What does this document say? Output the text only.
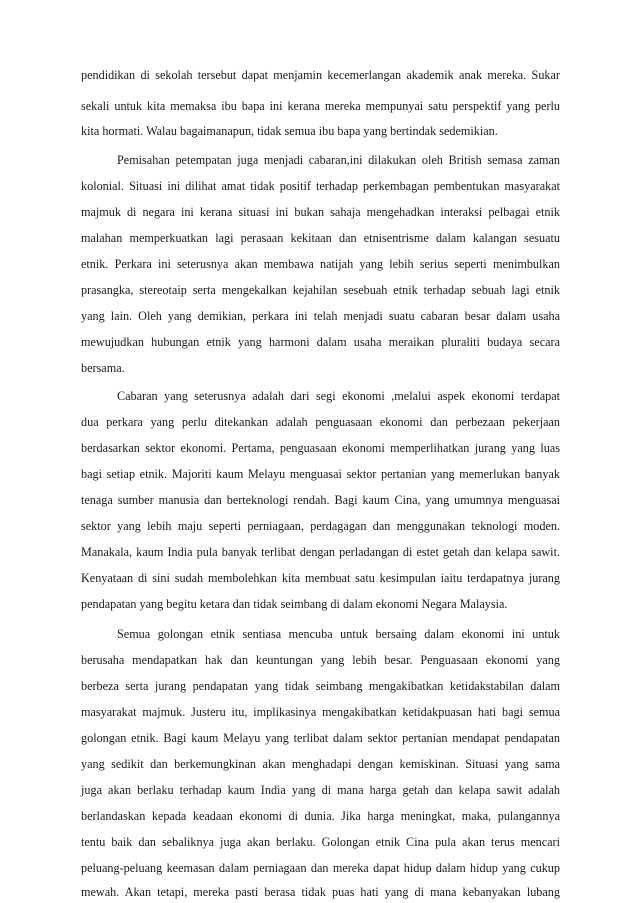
pendidikan di sekolah tersebut dapat menjamin kecemerlangan akademik anak mereka. Sukar
sekali untuk kita memaksa ibu bapa ini kerana mereka mempunyai satu perspektif yang perlu
kita hormati. Walau bagaimanapun, tidak semua ibu bapa yang bertindak sedemikian.
Pemisahan petempatan juga menjadi cabaran,ini dilakukan oleh British semasa zaman
kolonial. Situasi ini dilihat amat tidak positif terhadap perkembagan pembentukan masyarakat
majmuk di negara ini kerana situasi ini bukan sahaja mengehadkan interaksi pelbagai etnik
malahan memperkuatkan lagi perasaan kekitaan dan etnisentrisme dalam kalangan sesuatu
etnik. Perkara ini seterusnya akan membawa natijah yang lebih serius seperti menimbulkan
prasangka, stereotaip serta mengekalkan kejahilan sesebuah etnik terhadap sebuah lagi etnik
yang lain. Oleh yang demikian, perkara ini telah menjadi suatu cabaran besar dalam usaha
mewujudkan hubungan etnik yang harmoni dalam usaha meraikan pluraliti budaya secara
bersama.
Cabaran yang seterusnya adalah dari segi ekonomi ,melalui aspek ekonomi terdapat
dua perkara yang perlu ditekankan adalah penguasaan ekonomi dan perbezaan pekerjaan
berdasarkan sektor ekonomi. Pertama, penguasaan ekonomi memperlihatkan jurang yang luas
bagi setiap etnik. Majoriti kaum Melayu menguasai sektor pertanian yang memerlukan banyak
tenaga sumber manusia dan berteknologi rendah. Bagi kaum Cina, yang umumnya menguasai
sektor yang lebih maju seperti perniagaan, perdagagan dan menggunakan teknologi moden.
Manakala, kaum India pula banyak terlibat dengan perladangan di estet getah dan kelapa sawit.
Kenyataan di sini sudah membolehkan kita membuat satu kesimpulan iaitu terdapatnya jurang
pendapatan yang begitu ketara dan tidak seimbang di dalam ekonomi Negara Malaysia.
Semua golongan etnik sentiasa mencuba untuk bersaing dalam ekonomi ini untuk
berusaha mendapatkan hak dan keuntungan yang lebih besar. Penguasaan ekonomi yang
berbeza serta jurang pendapatan yang tidak seimbang mengakibatkan ketidakstabilan dalam
masyarakat majmuk. Justeru itu, implikasinya mengakibatkan ketidakpuasan hati bagi semua
golongan etnik. Bagi kaum Melayu yang terlibat dalam sektor pertanian mendapat pendapatan
yang sedikit dan berkemungkinan akan menghadapi dengan kemiskinan. Situasi yang sama
juga akan berlaku terhadap kaum India yang di mana harga getah dan kelapa sawit adalah
berlandaskan kepada keadaan ekonomi di dunia. Jika harga meningkat, maka, pulangannya
tentu baik dan sebaliknya juga akan berlaku. Golongan etnik Cina pula akan terus mencari
peluang-peluang keemasan dalam perniagaan dan mereka dapat hidup dalam hidup yang cukup
mewah. Akan tetapi, mereka pasti berasa tidak puas hati yang di mana kebanyakan lubang
